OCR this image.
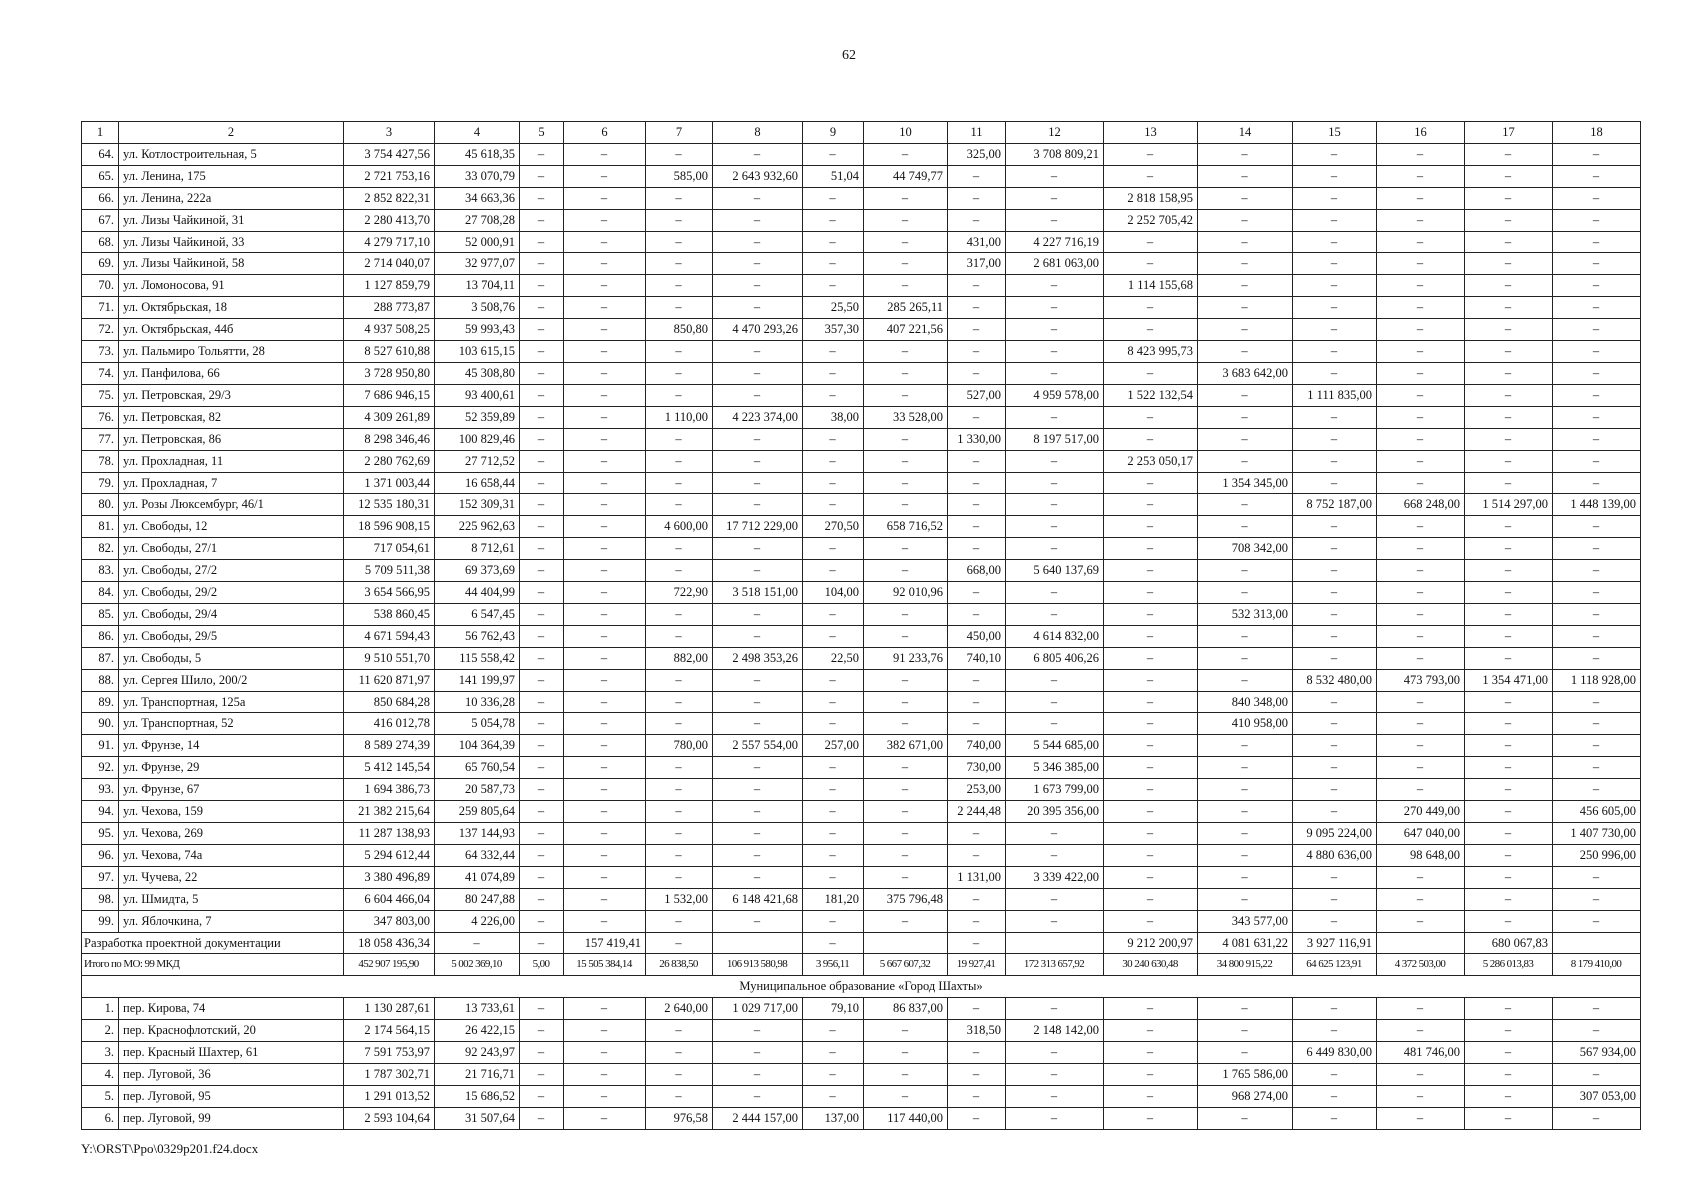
62
1	2	3	4	5	6	7	8	9	10	11	12	13	14	15	16	17	18
64.	ул. Котлостроительная, 5	3 754 427,56	45 618,35	–	–	–	–	–	–	325,00	3 708 809,21	–	–	–	–	–	–
65.	ул. Ленина, 175	2 721 753,16	33 070,79	–	–	585,00	2 643 932,60	51,04	44 749,77	–	–	–	–	–	–	–	–
66.	ул. Ленина, 222а	2 852 822,31	34 663,36	–	–	–	–	–	–	–	–	2 818 158,95	–	–	–	–	–
67.	ул. Лизы Чайкиной, 31	2 280 413,70	27 708,28	–	–	–	–	–	–	–	–	2 252 705,42	–	–	–	–	–
68.	ул. Лизы Чайкиной, 33	4 279 717,10	52 000,91	–	–	–	–	–	–	431,00	4 227 716,19	–	–	–	–	–	–
69.	ул. Лизы Чайкиной, 58	2 714 040,07	32 977,07	–	–	–	–	–	–	317,00	2 681 063,00	–	–	–	–	–	–
70.	ул. Ломоносова, 91	1 127 859,79	13 704,11	–	–	–	–	–	–	–	–	1 114 155,68	–	–	–	–	–
71.	ул. Октябрьская, 18	288 773,87	3 508,76	–	–	–	–	25,50	285 265,11	–	–	–	–	–	–	–	–
72.	ул. Октябрьская, 44б	4 937 508,25	59 993,43	–	–	850,80	4 470 293,26	357,30	407 221,56	–	–	–	–	–	–	–	–
73.	ул. Пальмиро Тольятти, 28	8 527 610,88	103 615,15	–	–	–	–	–	–	–	–	8 423 995,73	–	–	–	–	–
74.	ул. Панфилова, 66	3 728 950,80	45 308,80	–	–	–	–	–	–	–	–	–	3 683 642,00	–	–	–	–
75.	ул. Петровская, 29/3	7 686 946,15	93 400,61	–	–	–	–	–	–	527,00	4 959 578,00	1 522 132,54	–	1 111 835,00	–	–	–
76.	ул. Петровская, 82	4 309 261,89	52 359,89	–	–	1 110,00	4 223 374,00	38,00	33 528,00	–	–	–	–	–	–	–	–
77.	ул. Петровская, 86	8 298 346,46	100 829,46	–	–	–	–	–	–	1 330,00	8 197 517,00	–	–	–	–	–	–
78.	ул. Прохладная, 11	2 280 762,69	27 712,52	–	–	–	–	–	–	–	–	2 253 050,17	–	–	–	–	–
79.	ул. Прохладная, 7	1 371 003,44	16 658,44	–	–	–	–	–	–	–	–	–	1 354 345,00	–	–	–	–
80.	ул. Розы Люксембург, 46/1	12 535 180,31	152 309,31	–	–	–	–	–	–	–	–	–	–	8 752 187,00	668 248,00	1 514 297,00	1 448 139,00
81.	ул. Свободы, 12	18 596 908,15	225 962,63	–	–	4 600,00	17 712 229,00	270,50	658 716,52	–	–	–	–	–	–	–	–
82.	ул. Свободы, 27/1	717 054,61	8 712,61	–	–	–	–	–	–	–	–	–	708 342,00	–	–	–	–
83.	ул. Свободы, 27/2	5 709 511,38	69 373,69	–	–	–	–	–	–	668,00	5 640 137,69	–	–	–	–	–	–
84.	ул. Свободы, 29/2	3 654 566,95	44 404,99	–	–	722,90	3 518 151,00	104,00	92 010,96	–	–	–	–	–	–	–	–
85.	ул. Свободы, 29/4	538 860,45	6 547,45	–	–	–	–	–	–	–	–	–	532 313,00	–	–	–	–
86.	ул. Свободы, 29/5	4 671 594,43	56 762,43	–	–	–	–	–	–	450,00	4 614 832,00	–	–	–	–	–	–
87.	ул. Свободы, 5	9 510 551,70	115 558,42	–	–	882,00	2 498 353,26	22,50	91 233,76	740,10	6 805 406,26	–	–	–	–	–	–
88.	ул. Сергея Шило, 200/2	11 620 871,97	141 199,97	–	–	–	–	–	–	–	–	–	–	8 532 480,00	473 793,00	1 354 471,00	1 118 928,00
89.	ул. Транспортная, 125а	850 684,28	10 336,28	–	–	–	–	–	–	–	–	–	840 348,00	–	–	–	–
90.	ул. Транспортная, 52	416 012,78	5 054,78	–	–	–	–	–	–	–	–	–	410 958,00	–	–	–	–
91.	ул. Фрунзе, 14	8 589 274,39	104 364,39	–	–	780,00	2 557 554,00	257,00	382 671,00	740,00	5 544 685,00	–	–	–	–	–	–
92.	ул. Фрунзе, 29	5 412 145,54	65 760,54	–	–	–	–	–	–	730,00	5 346 385,00	–	–	–	–	–	–
93.	ул. Фрунзе, 67	1 694 386,73	20 587,73	–	–	–	–	–	–	253,00	1 673 799,00	–	–	–	–	–	–
94.	ул. Чехова, 159	21 382 215,64	259 805,64	–	–	–	–	–	–	2 244,48	20 395 356,00	–	–	–	270 449,00	–	456 605,00
95.	ул. Чехова, 269	11 287 138,93	137 144,93	–	–	–	–	–	–	–	–	–	–	9 095 224,00	647 040,00	–	1 407 730,00
96.	ул. Чехова, 74а	5 294 612,44	64 332,44	–	–	–	–	–	–	–	–	–	–	4 880 636,00	98 648,00	–	250 996,00
97.	ул. Чучева, 22	3 380 496,89	41 074,89	–	–	–	–	–	–	1 131,00	3 339 422,00	–	–	–	–	–	–
98.	ул. Шмидта, 5	6 604 466,04	80 247,88	–	–	1 532,00	6 148 421,68	181,20	375 796,48	–	–	–	–	–	–	–	–
99.	ул. Яблочкина, 7	347 803,00	4 226,00	–	–	–	–	–	–	–	–	–	343 577,00	–	–	–	–
Разработка проектной документации		18 058 436,34	–	–	157 419,41	–		–		–		9 212 200,97	4 081 631,22	3 927 116,91		680 067,83	
Итого по МО: 99 МКД		452 907 195,90	5 002 369,10	5,00	15 505 384,14	26 838,50	106 913 580,98	3 956,11	5 667 607,32	19 927,41	172 313 657,92	30 240 630,48	34 800 915,22	64 625 123,91	4 372 503,00	5 286 013,83	8 179 410,00
Муниципальное образование «Город Шахты»																	
1.	пер. Кирова, 74	1 130 287,61	13 733,61	–	–	2 640,00	1 029 717,00	79,10	86 837,00	–	–	–	–	–	–	–	–
2.	пер. Краснофлотский, 20	2 174 564,15	26 422,15	–	–	–	–	–	–	318,50	2 148 142,00	–	–	–	–	–	–
3.	пер. Красный Шахтер, 61	7 591 753,97	92 243,97	–	–	–	–	–	–	–	–	–	–	6 449 830,00	481 746,00	–	567 934,00
4.	пер. Луговой, 36	1 787 302,71	21 716,71	–	–	–	–	–	–	–	–	–	1 765 586,00	–	–	–	–
5.	пер. Луговой, 95	1 291 013,52	15 686,52	–	–	–	–	–	–	–	–	–	968 274,00	–	–	–	307 053,00
6.	пер. Луговой, 99	2 593 104,64	31 507,64	–	–	976,58	2 444 157,00	137,00	117 440,00	–	–	–	–	–	–	–	–
Y:\ORST\Ppo\0329p201.f24.docx
